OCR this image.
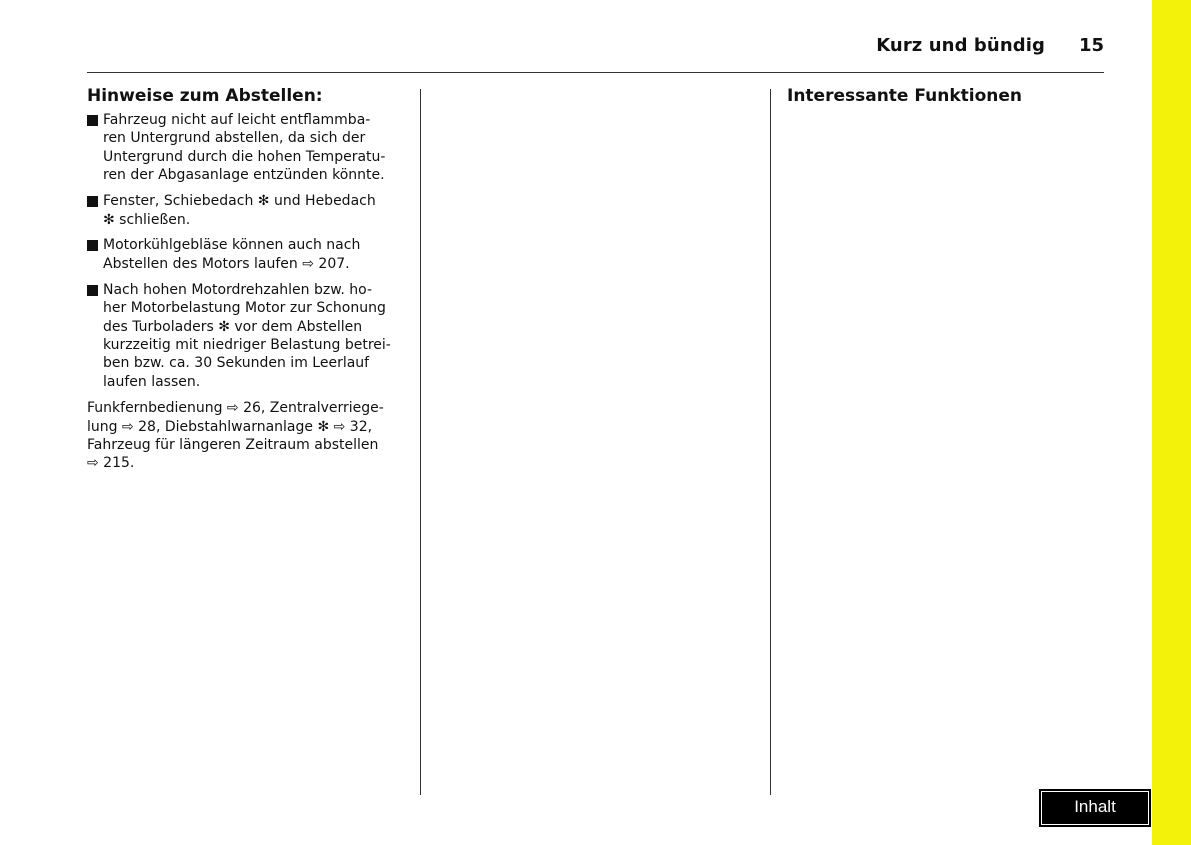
Kurz und bündig 15
Hinweise zum Abstellen:
Fahrzeug nicht auf leicht entflammba-
ren Untergrund abstellen, da sich der
Untergrund durch die hohen Temperatu-
ren der Abgasanlage entzünden könnte.
Fenster, Schiebedach ✻ und Hebedach
✻ schließen.
Motorkühlgebläse können auch nach
Abstellen des Motors laufen ⇨ 207.
Nach hohen Motordrehzahlen bzw. ho-
her Motorbelastung Motor zur Schonung
des Turboladers ✻ vor dem Abstellen
kurzzeitig mit niedriger Belastung betrei-
ben bzw. ca. 30 Sekunden im Leerlauf
laufen lassen.
Funkfernbedienung ⇨ 26, Zentralverriege-
lung ⇨ 28, Diebstahlwarnanlage ✻ ⇨ 32,
Fahrzeug für längeren Zeitraum abstellen
⇨ 215.
Interessante Funktionen
Inhalt
